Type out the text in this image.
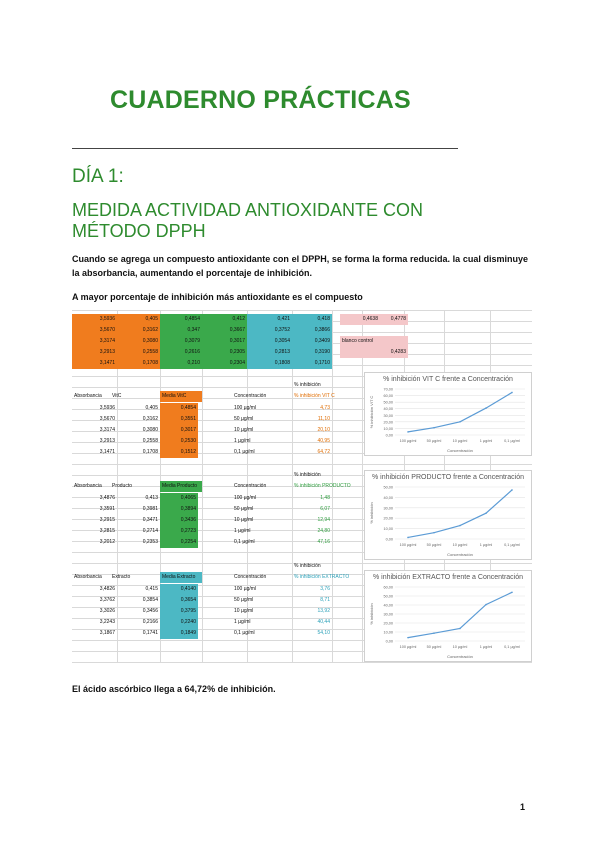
CUADERNO PRÁCTICAS
DÍA 1:
MEDIDA ACTIVIDAD ANTIOXIDANTE CON
MÉTODO DPPH
Cuando se agrega un compuesto antioxidante con el DPPH, se forma la forma reducida. la cual disminuye la absorbancia, aumentando el porcentaje de inhibición.
A mayor porcentaje de inhibición más antioxidante es el compuesto
3,5936	0,405	0,4854	0,412	0,421	0,418
3,5670	0,3162	0,347	0,3667	0,3752	0,3866
3,3174	0,3080	0,3079	0,3017	0,3054	0,3409
3,2913	0,2558	0,2616	0,2305	0,2813	0,3190
3,1471	0,1708	0,210	0,2304	0,1808	0,1710
0,4638	0,4778
blanco control
0,4283
% inhibición
Absorbancia	VitC	Media VitC	Concentración	% inhibición VIT C
3,5936	0,405	0,4854	100 µg/ml	4,73
3,5670	0,3162	0,3551	50 µg/ml	11,10
3,3174	0,3080	0,3017	10 µg/ml	20,10
3,2913	0,2558	0,2530	1 µg/ml	40,95
3,1471	0,1708	0,1512	0,1 µg/ml	64,72
% inhibición
Absorbancia	Producto	Media Producto	Concentración	% inhibición PRODUCTO
3,4876	0,413	0,4065	100 µg/ml	1,48
3,3591	0,3981	0,3894	50 µg/ml	6,07
3,2915	0,3471	0,3436	10 µg/ml	12,94
3,2815	0,2714	0,2723	1 µg/ml	24,80
3,2012	0,2353	0,2254	0,1 µg/ml	47,16
% inhibición
Absorbancia	Extracto	Media Extracto	Concentración	% inhibición EXTRACTO
3,4826	0,415	0,4140	100 µg/ml	3,76
3,3762	0,3854	0,3654	50 µg/ml	8,71
3,3026	0,3456	0,3795	10 µg/ml	13,92
3,2243	0,2166	0,2240	1 µg/ml	40,44
3,1867	0,1741	0,1849	0,1 µg/ml	54,10
% inhibición VIT C frente a Concentración
0,00
10,00
20,00
30,00
40,00
50,00
60,00
70,00
100 µg/ml	50 µg/ml	10 µg/ml	1 µg/ml	0,1 µg/ml
Concentración
% inhibición VIT C
% inhibición PRODUCTO frente a Concentración
0,00
10,00
20,00
30,00
40,00
50,00
100 µg/ml	50 µg/ml	10 µg/ml	1 µg/ml	0,1 µg/ml
Concentración
% inhibición
% inhibición EXTRACTO frente a Concentración
0,00
10,00
20,00
30,00
40,00
50,00
60,00
100 µg/ml	50 µg/ml	10 µg/ml	1 µg/ml	0,1 µg/ml
Concentración
% inhibición
El ácido ascórbico llega a 64,72% de inhibición.
1
